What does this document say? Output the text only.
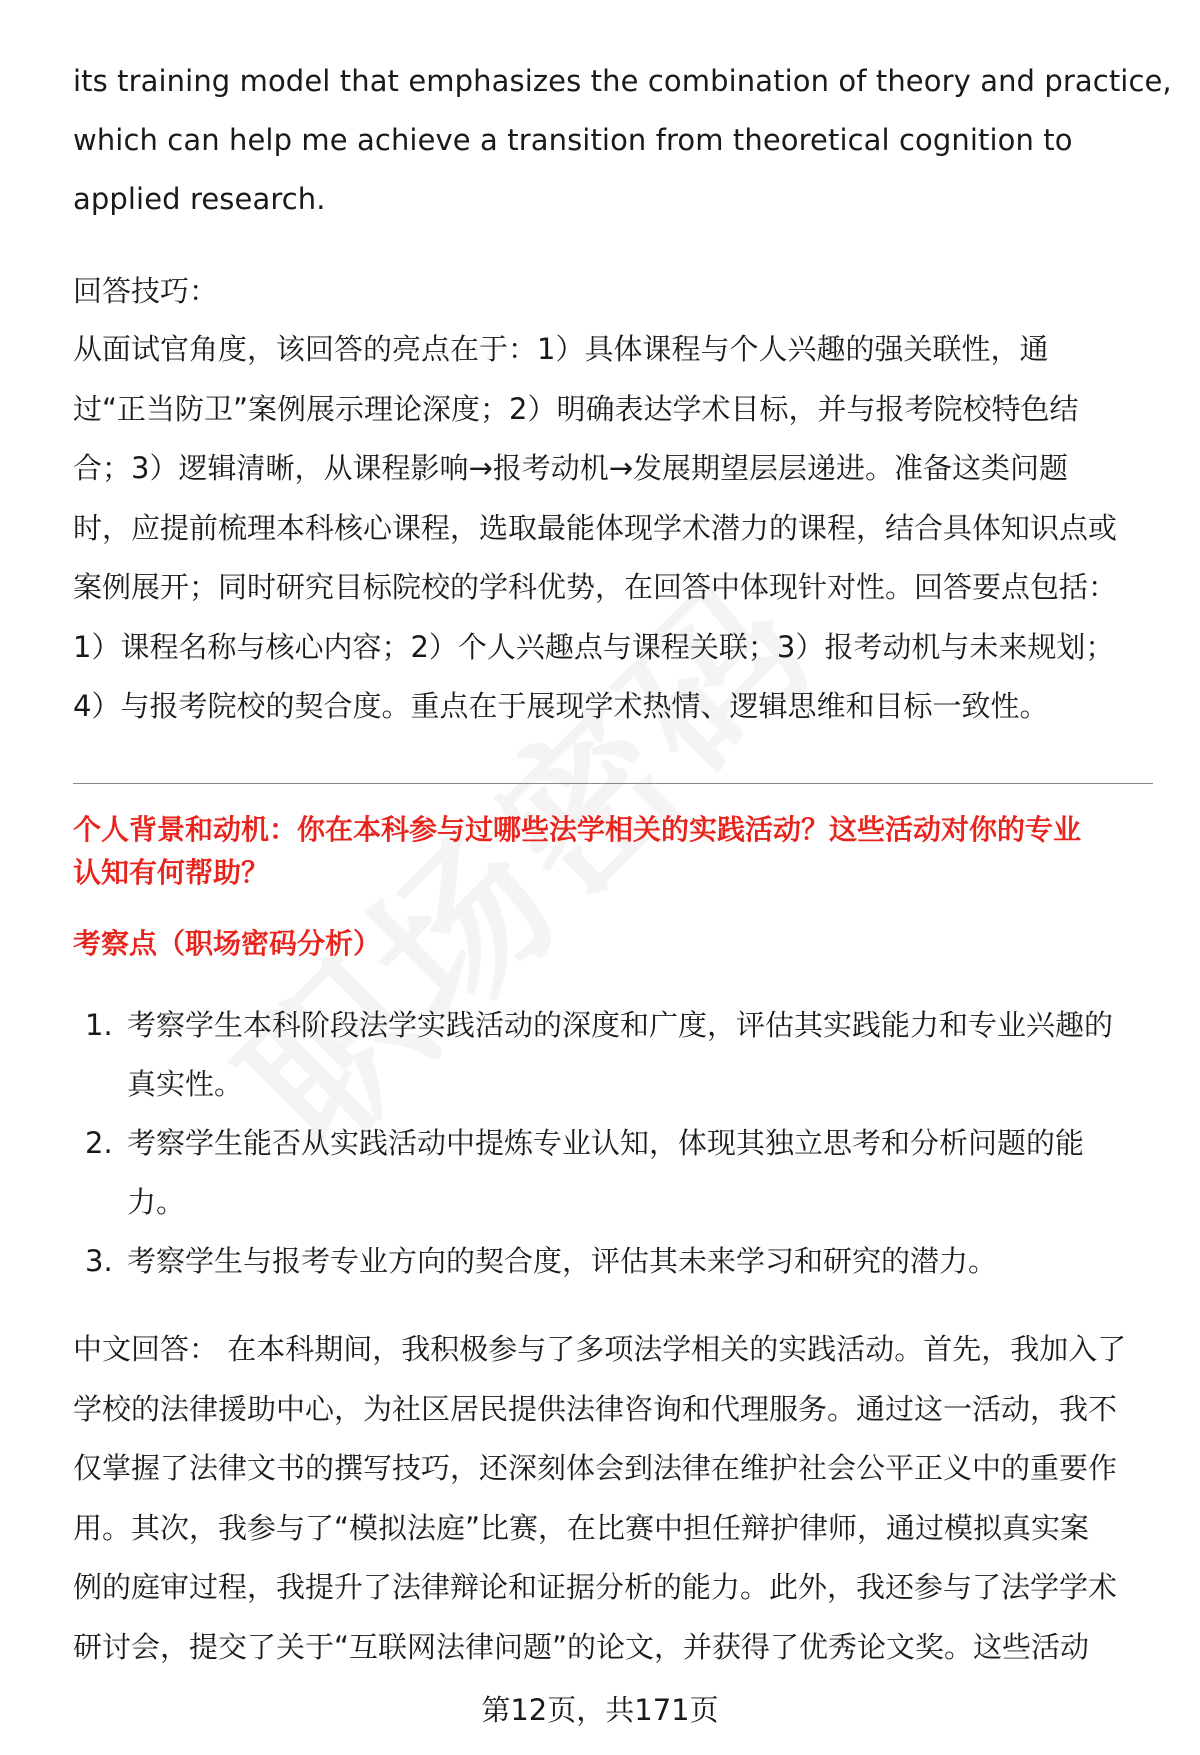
its training model that emphasizes the combination of theory and practice,
which can help me achieve a transition from theoretical cognition to
applied research.
回答技巧：
从面试官角度，该回答的亮点在于：1）具体课程与个人兴趣的强关联性，通
过“正当防卫”案例展示理论深度；2）明确表达学术目标，并与报考院校特色结
合；3）逻辑清晰，从课程影响→报考动机→发展期望层层递进。准备这类问题
时，应提前梳理本科核心课程，选取最能体现学术潜力的课程，结合具体知识点或
案例展开；同时研究目标院校的学科优势，在回答中体现针对性。回答要点包括：
1）课程名称与核心内容；2）个人兴趣点与课程关联；3）报考动机与未来规划；
4）与报考院校的契合度。重点在于展现学术热情、逻辑思维和目标一致性。
个人背景和动机：你在本科参与过哪些法学相关的实践活动？这些活动对你的专业
认知有何帮助？
考察点（职场密码分析）
1. 考察学生本科阶段法学实践活动的深度和广度，评估其实践能力和专业兴趣的
真实性。
2. 考察学生能否从实践活动中提炼专业认知，体现其独立思考和分析问题的能
力。
3. 考察学生与报考专业方向的契合度，评估其未来学习和研究的潜力。
中文回答： 在本科期间，我积极参与了多项法学相关的实践活动。首先，我加入了
学校的法律援助中心，为社区居民提供法律咨询和代理服务。通过这一活动，我不
仅掌握了法律文书的撰写技巧，还深刻体会到法律在维护社会公平正义中的重要作
用。其次，我参与了“模拟法庭”比赛，在比赛中担任辩护律师，通过模拟真实案
例的庭审过程，我提升了法律辩论和证据分析的能力。此外，我还参与了法学学术
研讨会，提交了关于“互联网法律问题”的论文，并获得了优秀论文奖。这些活动
第12页，共171页
